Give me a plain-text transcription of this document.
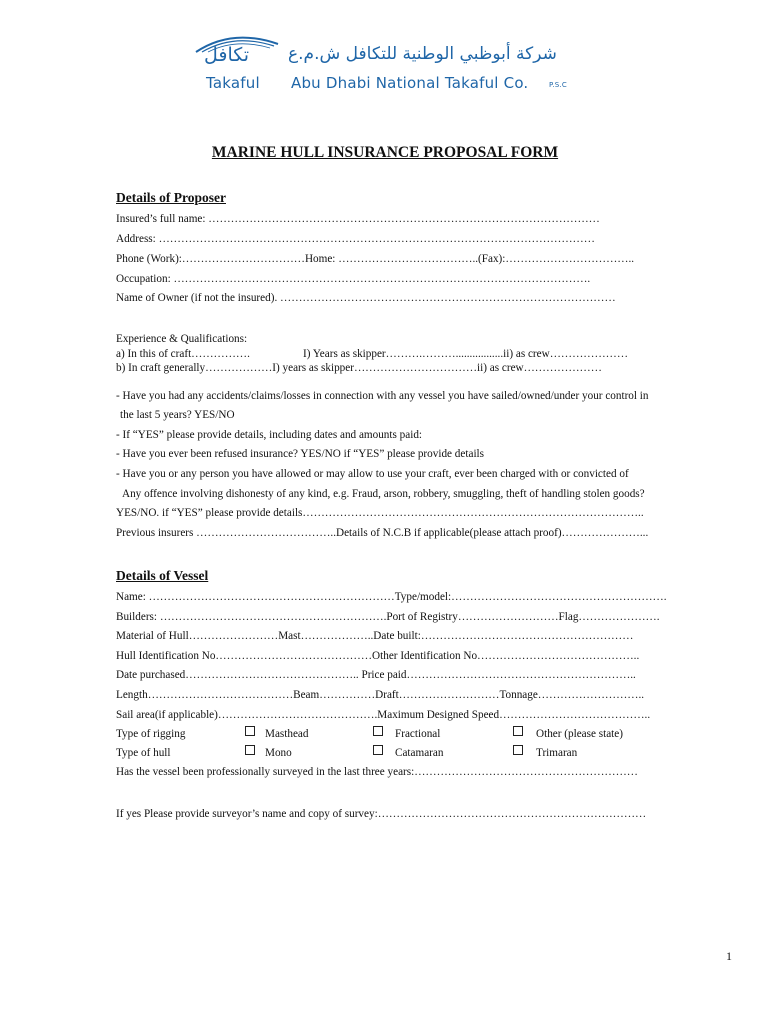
تكافل
Takaful
شركة أبوظبي الوطنية للتكافل ش.م.ع
Abu Dhabi National Takaful Co.	P.S.C
MARINE HULL INSURANCE PROPOSAL FORM
Details of Proposer
Insured’s full name: ……………………………………………………………………………………………
Address: ………………………………………………………………………………………………………
Phone (Work):……………………………Home: ………………………………..(Fax):……………………………..
Occupation: ………………………………………………………………………………………………….
Name of Owner (if not the insured). ………………………………………………………………………………
Experience & Qualifications:
a) In this of craft…………….	I) Years as skipper……….……….................ii) as crew…………………
b) In craft generally………………I) years as skipper……………………………ii) as crew…………………
- Have you had any accidents/claims/losses in connection with any vessel you have sailed/owned/under your control in
the last 5 years? YES/NO
- If “YES” please provide details, including dates and amounts paid:
- Have you ever been refused insurance? YES/NO if “YES” please provide details
- Have you or any person you have allowed or may allow to use your craft, ever been charged with or convicted of
Any offence involving dishonesty of any kind, e.g. Fraud, arson, robbery, smuggling, theft of handling stolen goods?
YES/NO. if “YES” please provide details………………………………………………………………………………..
Previous insurers ………………………………..Details of N.C.B if applicable(please attach proof)…………………...
Details of Vessel
Name: …………………………………………………………Type/model:………………………………………………….
Builders: …………………………………………………….Port of Registry………………………Flag………………….
Material of Hull……………………Mast………………..Date built:…………………………………………………
Hull Identification No……………………………………Other Identification No……………………………………..
Date purchased……………………………………….. Price paid……………………………………………………..
Length…………………………………Beam……………Draft………………………Tonnage………………………..
Sail area(if applicable)…………………………………….Maximum Designed Speed…………………………………..
Type of rigging	Masthead	Fractional	Other (please state)
Type of hull	Mono	Catamaran	Trimaran
Has the vessel been professionally surveyed in the last three years:……………………………………………………
If yes Please provide surveyor’s name and copy of survey:………………………………………………………………
1
